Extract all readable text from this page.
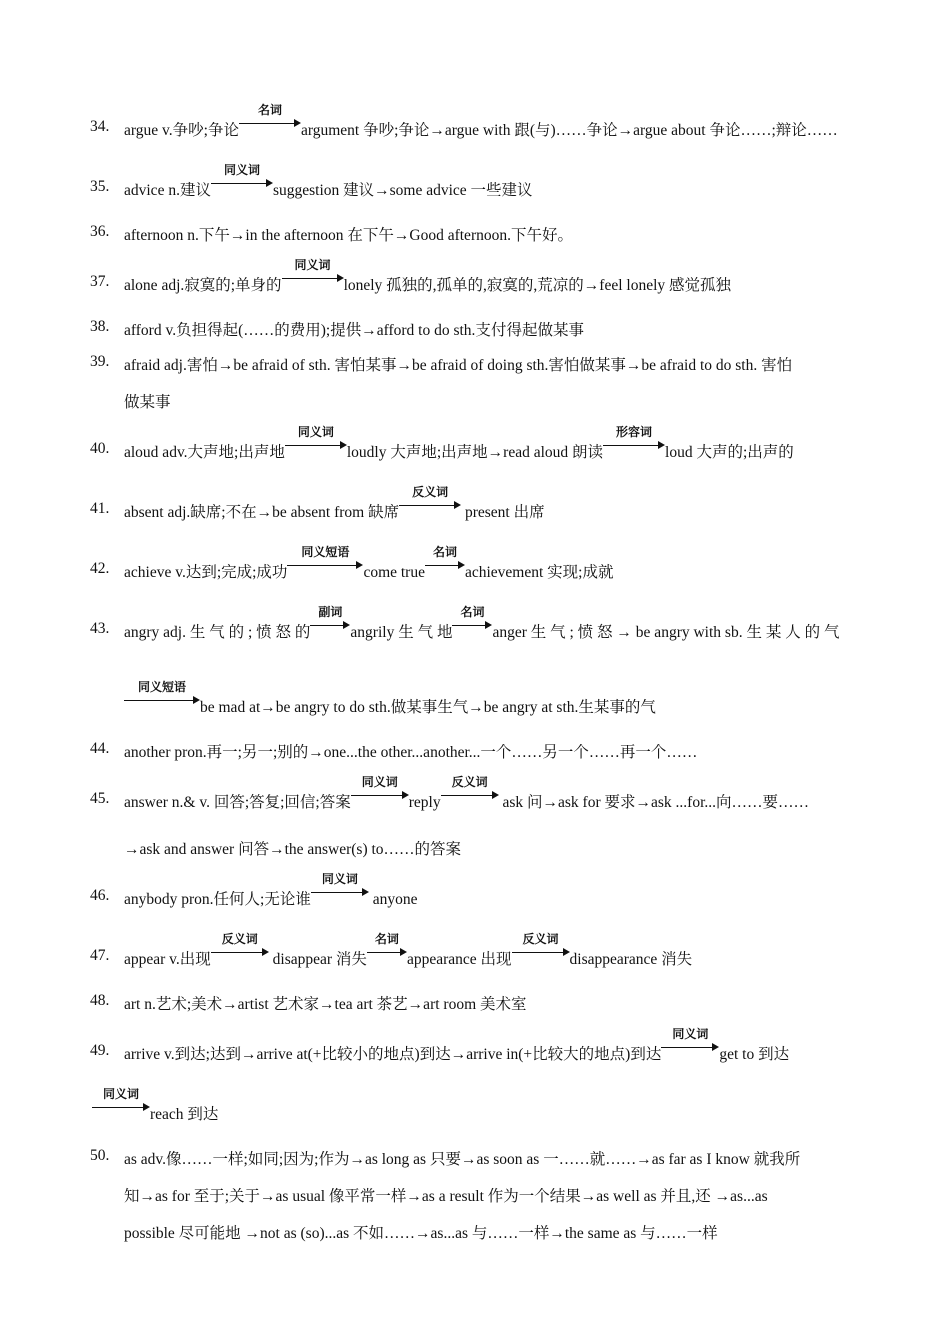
34. argue v.争吵;争论
名词
argument 争吵;争论→argue with 跟(与)……争论→argue about 争论……;辩论……
35. advice n.建议
同义词
suggestion 建议→some advice 一些建议
36. afternoon n.下午→in the afternoon 在下午→Good afternoon.下午好。
37. alone adj.寂寞的;单身的
同义词
lonely 孤独的,孤单的,寂寞的,荒凉的→feel lonely 感觉孤独
38. afford v.负担得起(……的费用);提供→afford to do sth.支付得起做某事
39. afraid adj.害怕→be afraid of sth. 害怕某事→be afraid of doing sth.害怕做某事→be afraid to do sth. 害怕
做某事
40. aloud adv.大声地;出声地
同义词
loudly 大声地;出声地→read aloud 朗读
形容词
loud 大声的;出声的
41. absent adj.缺席;不在→be absent from 缺席
反义词
present 出席
42. achieve v.达到;完成;成功
同义短语
come true
名词
achievement 实现;成就
43. angry adj. 生 气 的 ; 愤 怒 的
副词
angrily 生 气 地
名词
anger 生 气 ; 愤 怒 → be angry with sb. 生 某 人 的 气
同义短语
be mad at→be angry to do sth.做某事生气→be angry at sth.生某事的气
44. another pron.再一;另一;别的→one...the other...another...一个……另一个……再一个……
45. answer n.& v. 回答;答复;回信;答案
同义词
reply
反义词
ask 问→ask for 要求→ask ...for...向……要……
→ask and answer 问答→the answer(s) to……的答案
46. anybody pron.任何人;无论谁
同义词
anyone
47. appear v.出现
反义词
disappear 消失
名词
appearance 出现
反义词
disappearance 消失
48. art n.艺术;美术→artist 艺术家→tea art 茶艺→art room 美术室
49. arrive v.到达;达到→arrive at(+比较小的地点)到达→arrive in(+比较大的地点)到达
同义词
get to 到达
同义词
reach 到达
50. as adv.像……一样;如同;因为;作为→as long as 只要→as soon as 一……就……→as far as I know 就我所
知→as for 至于;关于→as usual 像平常一样→as a result 作为一个结果→as well as 并且,还 →as...as
possible 尽可能地 →not as (so)...as 不如……→as...as 与……一样→the same as 与……一样
